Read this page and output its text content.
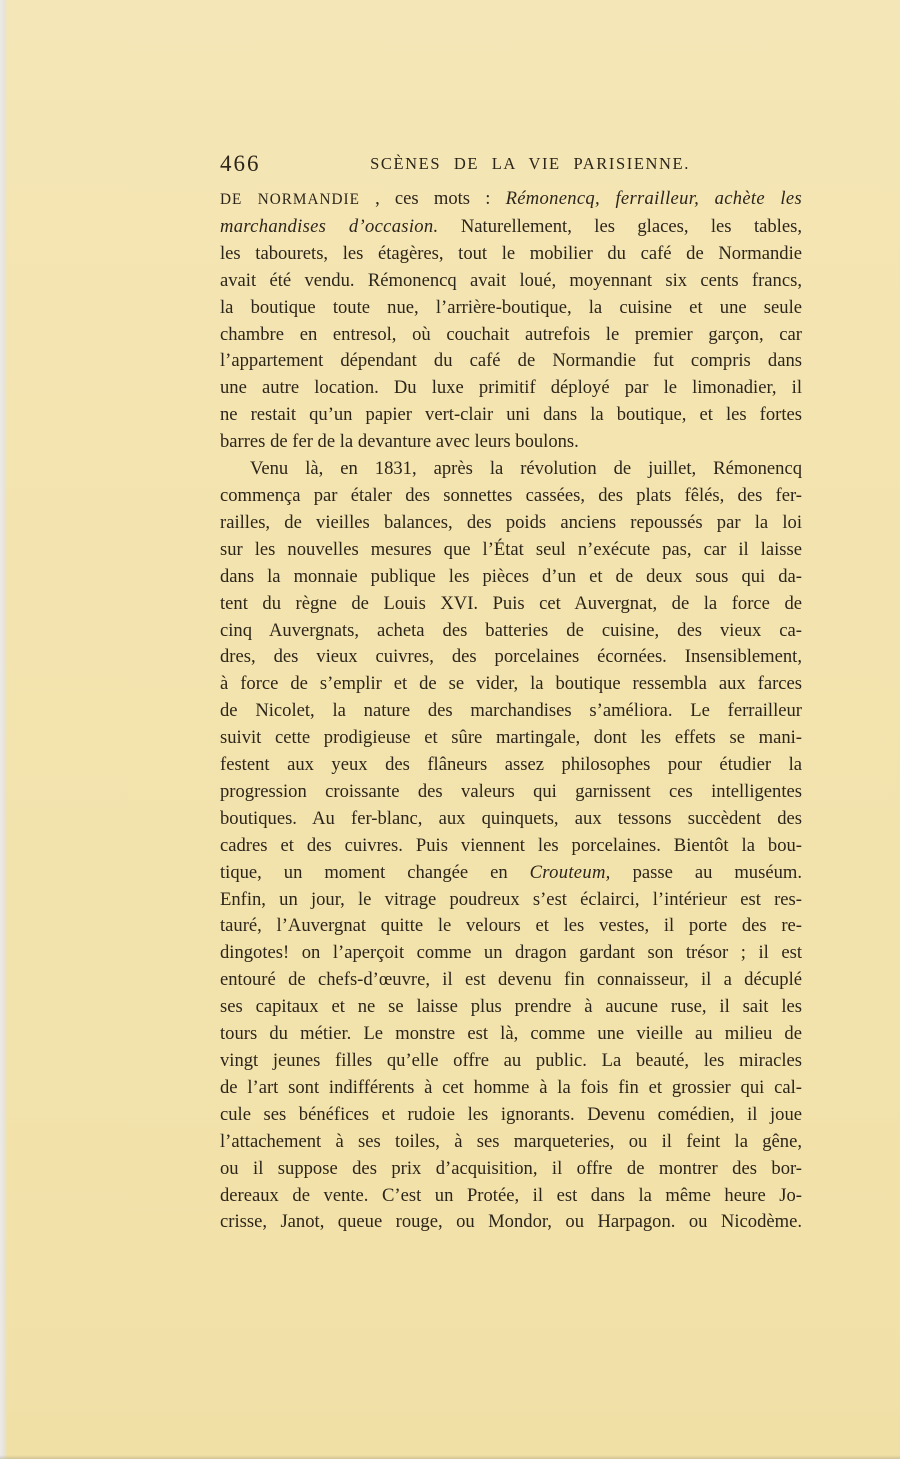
466	SCÈNES DE LA VIE PARISIENNE.
DE NORMANDIE , ces mots : Rémonencq, ferrailleur, achète les
marchandises d’occasion. Naturellement, les glaces, les tables,
les tabourets, les étagères, tout le mobilier du café de Normandie
avait été vendu. Rémonencq avait loué, moyennant six cents francs,
la boutique toute nue, l’arrière-boutique, la cuisine et une seule
chambre en entresol, où couchait autrefois le premier garçon, car
l’appartement dépendant du café de Normandie fut compris dans
une autre location. Du luxe primitif déployé par le limonadier, il
ne restait qu’un papier vert-clair uni dans la boutique, et les fortes
barres de fer de la devanture avec leurs boulons.
Venu là, en 1831, après la révolution de juillet, Rémonencq
commença par étaler des sonnettes cassées, des plats fêlés, des fer-
railles, de vieilles balances, des poids anciens repoussés par la loi
sur les nouvelles mesures que l’État seul n’exécute pas, car il laisse
dans la monnaie publique les pièces d’un et de deux sous qui da-
tent du règne de Louis XVI. Puis cet Auvergnat, de la force de
cinq Auvergnats, acheta des batteries de cuisine, des vieux ca-
dres, des vieux cuivres, des porcelaines écornées. Insensiblement,
à force de s’emplir et de se vider, la boutique ressembla aux farces
de Nicolet, la nature des marchandises s’améliora. Le ferrailleur
suivit cette prodigieuse et sûre martingale, dont les effets se mani-
festent aux yeux des flâneurs assez philosophes pour étudier la
progression croissante des valeurs qui garnissent ces intelligentes
boutiques. Au fer-blanc, aux quinquets, aux tessons succèdent des
cadres et des cuivres. Puis viennent les porcelaines. Bientôt la bou-
tique, un moment changée en Crouteum, passe au muséum.
Enfin, un jour, le vitrage poudreux s’est éclairci, l’intérieur est res-
tauré, l’Auvergnat quitte le velours et les vestes, il porte des re-
dingotes! on l’aperçoit comme un dragon gardant son trésor ; il est
entouré de chefs-d’œuvre, il est devenu fin connaisseur, il a décuplé
ses capitaux et ne se laisse plus prendre à aucune ruse, il sait les
tours du métier. Le monstre est là, comme une vieille au milieu de
vingt jeunes filles qu’elle offre au public. La beauté, les miracles
de l’art sont indifférents à cet homme à la fois fin et grossier qui cal-
cule ses bénéfices et rudoie les ignorants. Devenu comédien, il joue
l’attachement à ses toiles, à ses marqueteries, ou il feint la gêne,
ou il suppose des prix d’acquisition, il offre de montrer des bor-
dereaux de vente. C’est un Protée, il est dans la même heure Jo-
crisse, Janot, queue rouge, ou Mondor, ou Harpagon. ou Nicodème.
